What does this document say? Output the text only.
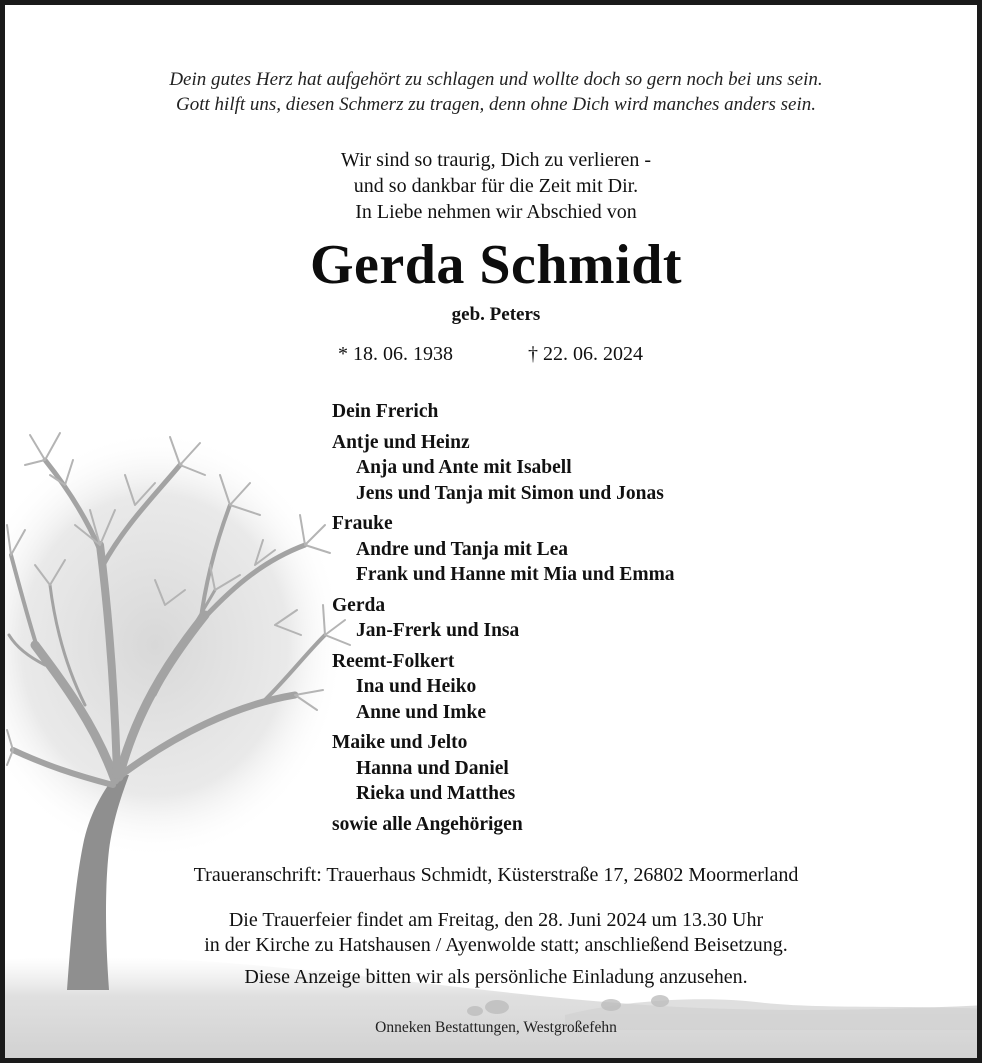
Dein gutes Herz hat aufgehört zu schlagen und wollte doch so gern noch bei uns sein.
Gott hilft uns, diesen Schmerz zu tragen, denn ohne Dich wird manches anders sein.
Wir sind so traurig, Dich zu verlieren -
und so dankbar für die Zeit mit Dir.
In Liebe nehmen wir Abschied von
Gerda Schmidt
geb. Peters
* 18. 06. 1938	† 22. 06. 2024
Dein Frerich
Antje und Heinz
Anja und Ante mit Isabell
Jens und Tanja mit Simon und Jonas
Frauke
Andre und Tanja mit Lea
Frank und Hanne mit Mia und Emma
Gerda
Jan-Frerk und Insa
Reemt-Folkert
Ina und Heiko
Anne und Imke
Maike und Jelto
Hanna und Daniel
Rieka und Matthes
sowie alle Angehörigen
Traueranschrift: Trauerhaus Schmidt, Küsterstraße 17, 26802 Moormerland
Die Trauerfeier findet am Freitag, den 28. Juni 2024 um 13.30 Uhr
in der Kirche zu Hatshausen / Ayenwolde statt; anschließend Beisetzung.
Diese Anzeige bitten wir als persönliche Einladung anzusehen.
Onneken Bestattungen, Westgroßefehn
